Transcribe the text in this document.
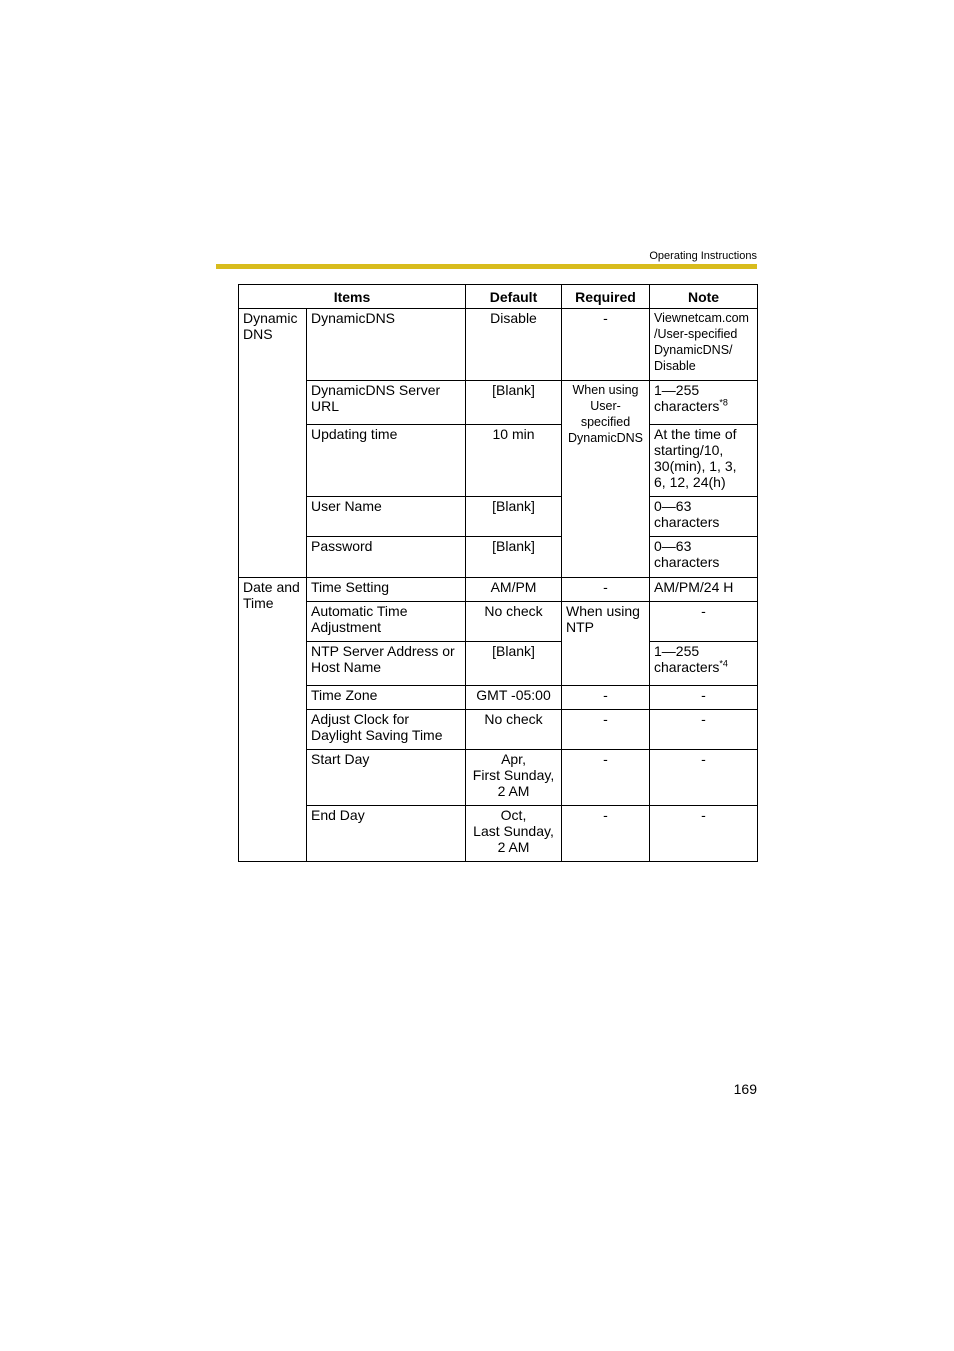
Operating Instructions
Items		Default	Required	Note

Dynamic
DNS	DynamicDNS	Disable	-	Viewnetcam.com
/User-specified
DynamicDNS/
Disable

	DynamicDNS Server
URL	[Blank]	When using
User-specified
DynamicDNS	1—255
characters$^{*8}$

	Updating time	10 min		At the time of
starting/10,
30(min), 1, 3,
6, 12, 24(h)

	User Name	[Blank]		0—63
characters

	Password	[Blank]		0—63
characters

Date and
Time	Time Setting	AM/PM	-	AM/PM/24 H

	Automatic Time
Adjustment	No check	When using
NTP	-

	NTP Server Address or
Host Name	[Blank]		1—255
characters$^{*4}$

	Time Zone	GMT -05:00	-	-

	Adjust Clock for
Daylight Saving Time	No check	-	-

	Start Day	Apr,
First Sunday,
2 AM	-	-

	End Day	Oct,
Last Sunday,
2 AM	-	-
169
